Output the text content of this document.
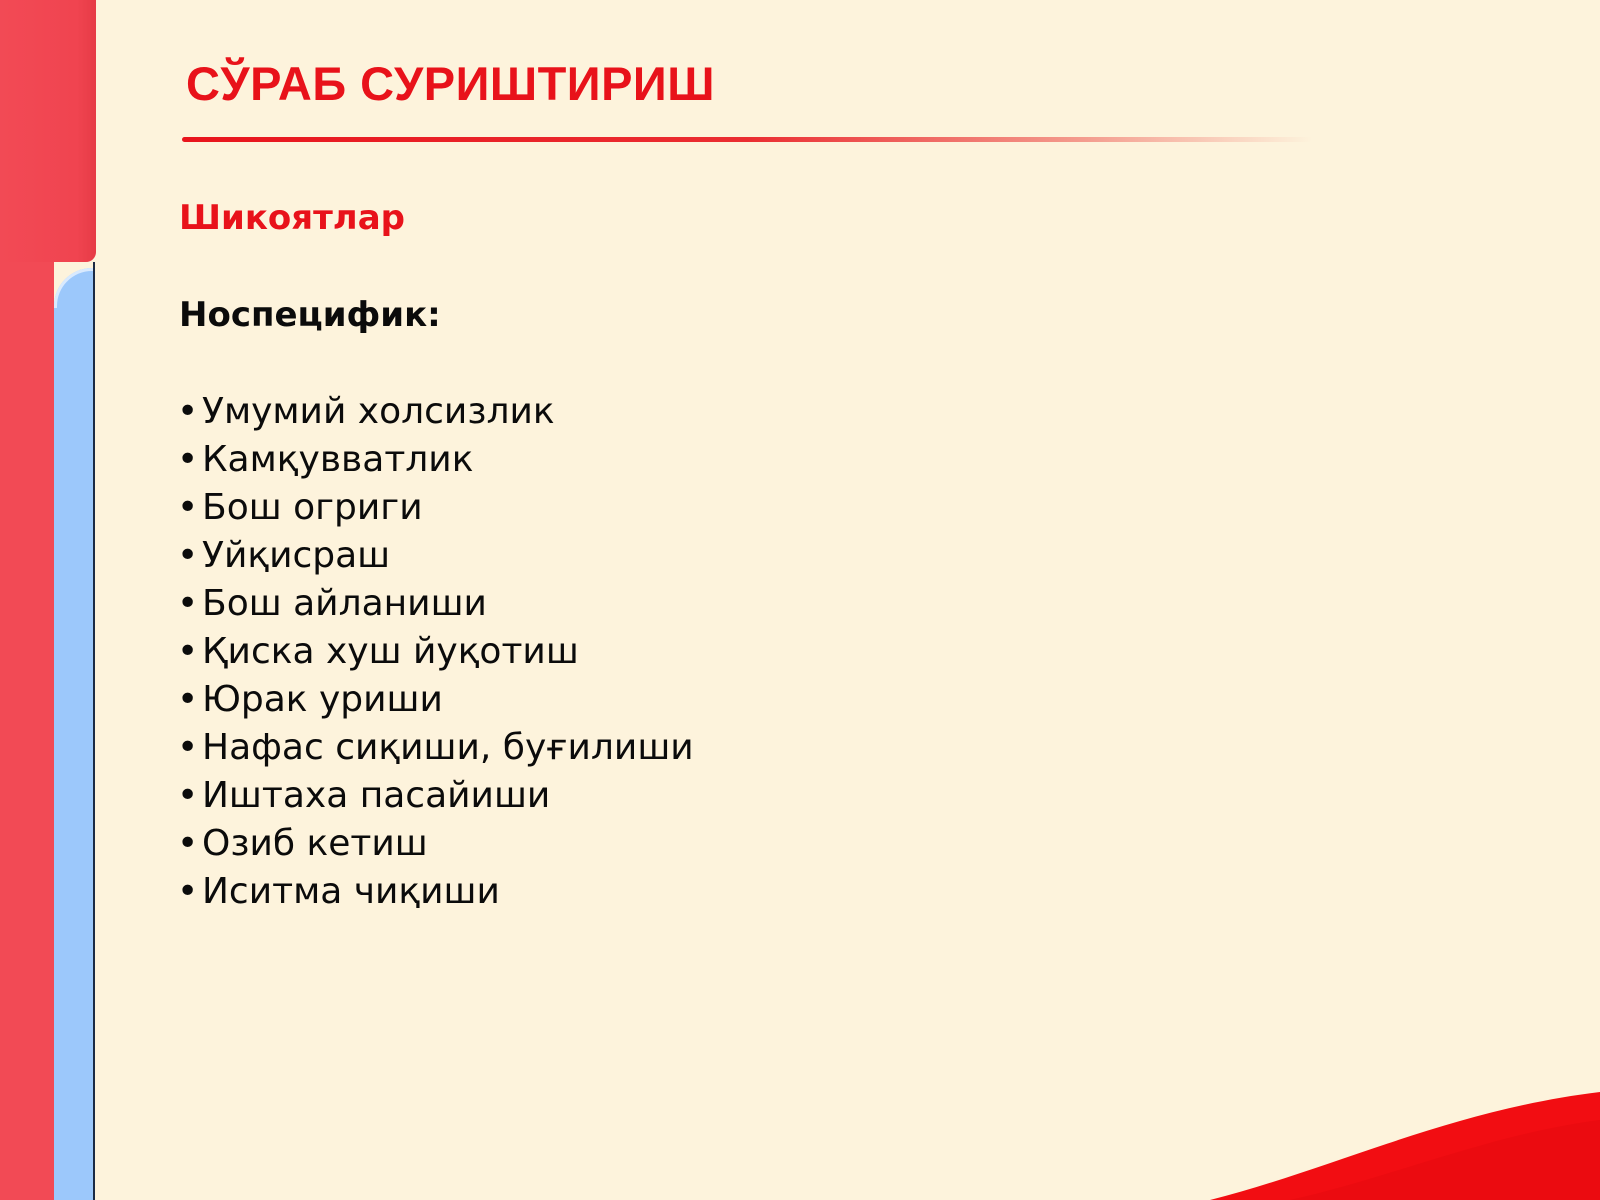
СЎРАБ СУРИШТИРИШ
Шикоятлар
Носпецифик:
• Умумий холсизлик
• Камқувватлик
• Бош огриги
• Уйқисраш
• Бош айланиши
• Қиска хуш йуқотиш
• Юрак уриши
• Нафас сиқиши, буғилиши
• Иштаха пасайиши
• Озиб кетиш
• Иситма чиқиши
